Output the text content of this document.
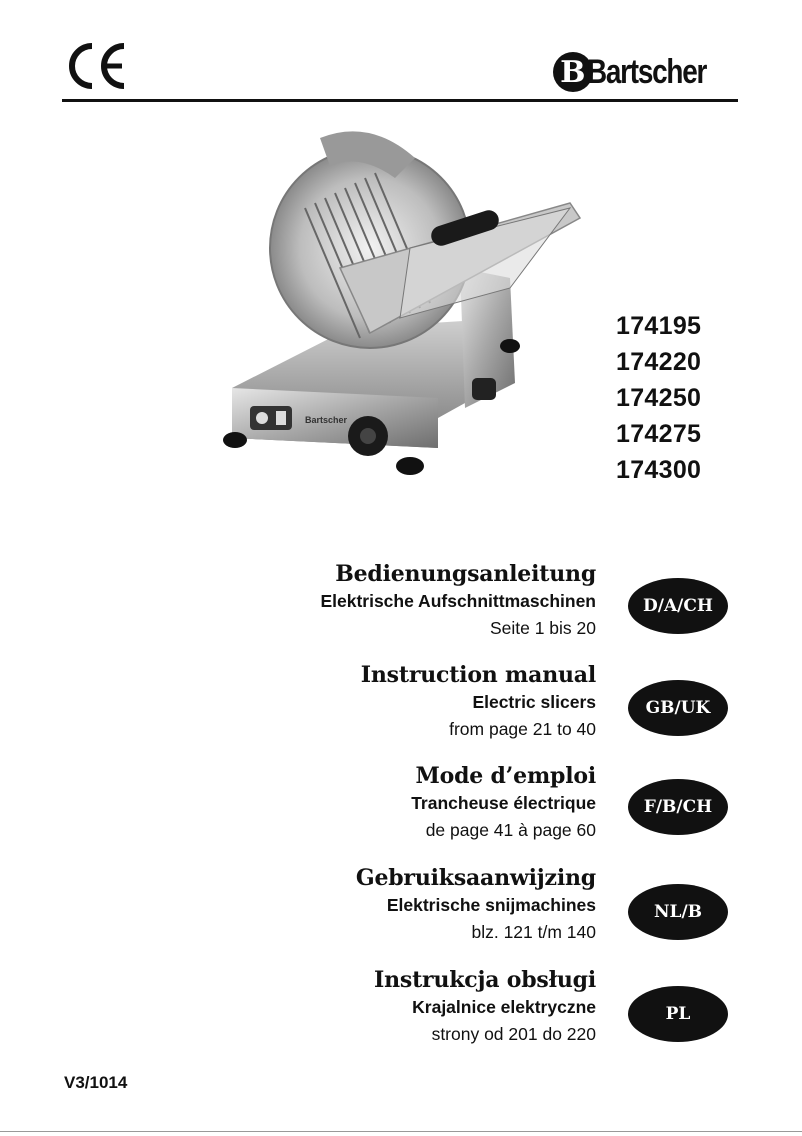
B Bartscher
Bartscher
174195
174220
174250
174275
174300
Bedienungsanleitung
Elektrische Aufschnittmaschinen
Seite 1 bis 20
D/A/CH
Instruction manual
Electric slicers
from page 21 to 40
GB/UK
Mode d’emploi
Trancheuse électrique
de page 41 à page 60
F/B/CH
Gebruiksaanwijzing
Elektrische snijmachines
blz. 121 t/m 140
NL/B
Instrukcja obsługi
Krajalnice elektryczne
strony od 201 do 220
PL
V3/1014
